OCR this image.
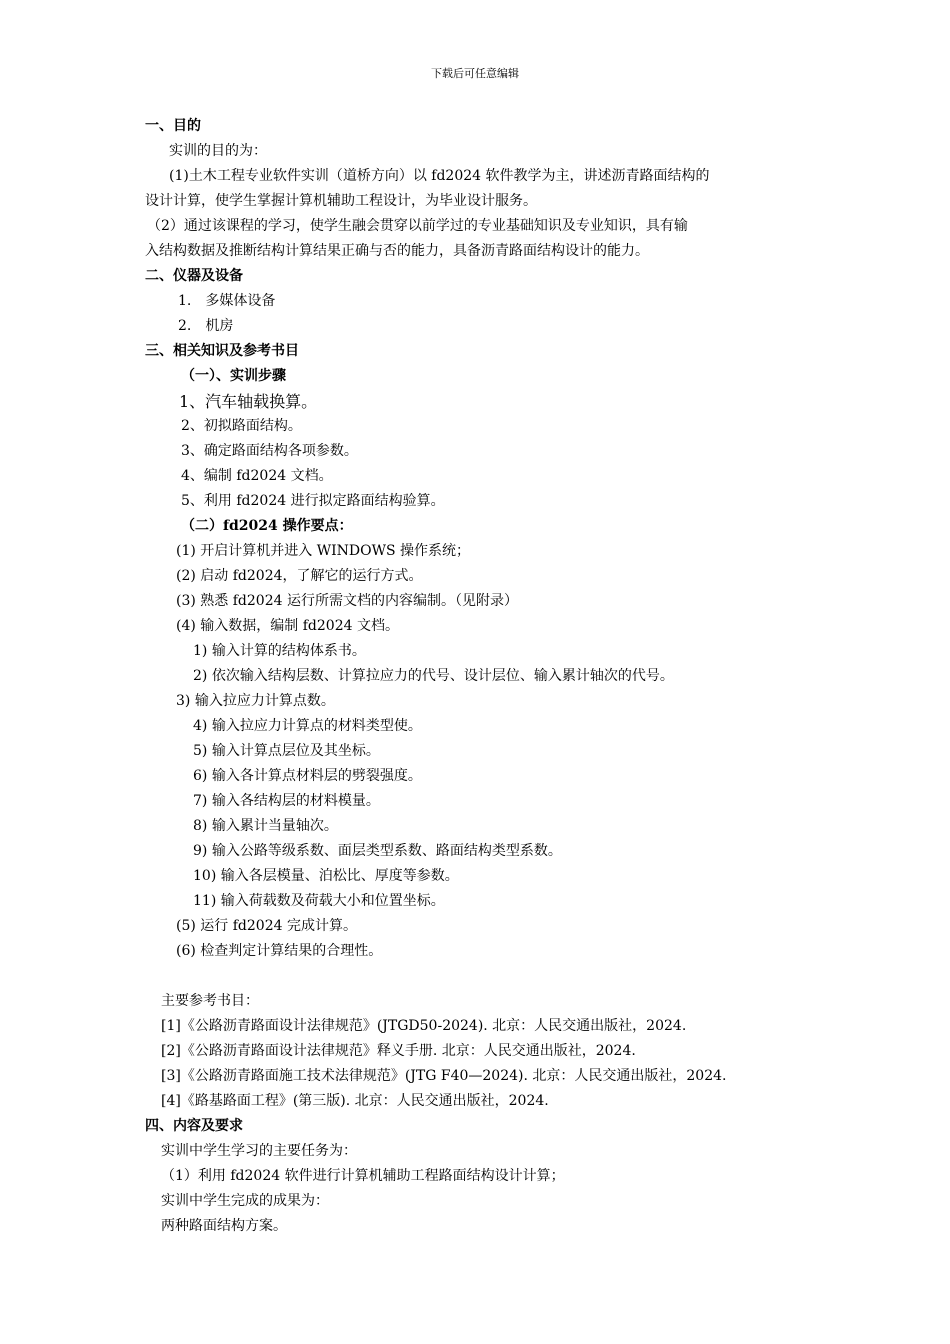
下载后可任意编辑
一、目的
实训的目的为：
(1)土木工程专业软件实训（道桥方向）以 fd2024 软件教学为主，讲述沥青路面结构的
设计计算，使学生掌握计算机辅助工程设计，为毕业设计服务。
（2）通过该课程的学习，使学生融会贯穿以前学过的专业基础知识及专业知识，具有输
入结构数据及推断结构计算结果正确与否的能力，具备沥青路面结构设计的能力。
二、仪器及设备
1.　多媒体设备
2.　机房
三、相关知识及参考书目
（一）、实训步骤
1、汽车轴载换算。
2、初拟路面结构。
3、确定路面结构各项参数。
4、编制 fd2024 文档。
5、利用 fd2024 进行拟定路面结构验算。
（二）fd2024 操作要点：
(1) 开启计算机并进入 WINDOWS 操作系统；
(2) 启动 fd2024，了解它的运行方式。
(3) 熟悉 fd2024 运行所需文档的内容编制。（见附录）
(4) 输入数据，编制 fd2024 文档。
1) 输入计算的结构体系书。
2) 依次输入结构层数、计算拉应力的代号、设计层位、输入累计轴次的代号。
3) 输入拉应力计算点数。
4) 输入拉应力计算点的材料类型使。
5) 输入计算点层位及其坐标。
6) 输入各计算点材料层的劈裂强度。
7) 输入各结构层的材料模量。
8) 输入累计当量轴次。
9) 输入公路等级系数、面层类型系数、路面结构类型系数。
10) 输入各层模量、泊松比、厚度等参数。
11) 输入荷载数及荷载大小和位置坐标。
(5) 运行 fd2024 完成计算。
(6) 检查判定计算结果的合理性。
主要参考书目：
[1]《公路沥青路面设计法律规范》(JTGD50-2024). 北京：人民交通出版社，2024.
[2]《公路沥青路面设计法律规范》释义手册. 北京：人民交通出版社，2024.
[3]《公路沥青路面施工技术法律规范》(JTG F40—2024). 北京：人民交通出版社，2024.
[4]《路基路面工程》(第三版). 北京：人民交通出版社，2024.
四、内容及要求
实训中学生学习的主要任务为：
（1）利用 fd2024 软件进行计算机辅助工程路面结构设计计算；
实训中学生完成的成果为：
两种路面结构方案。
